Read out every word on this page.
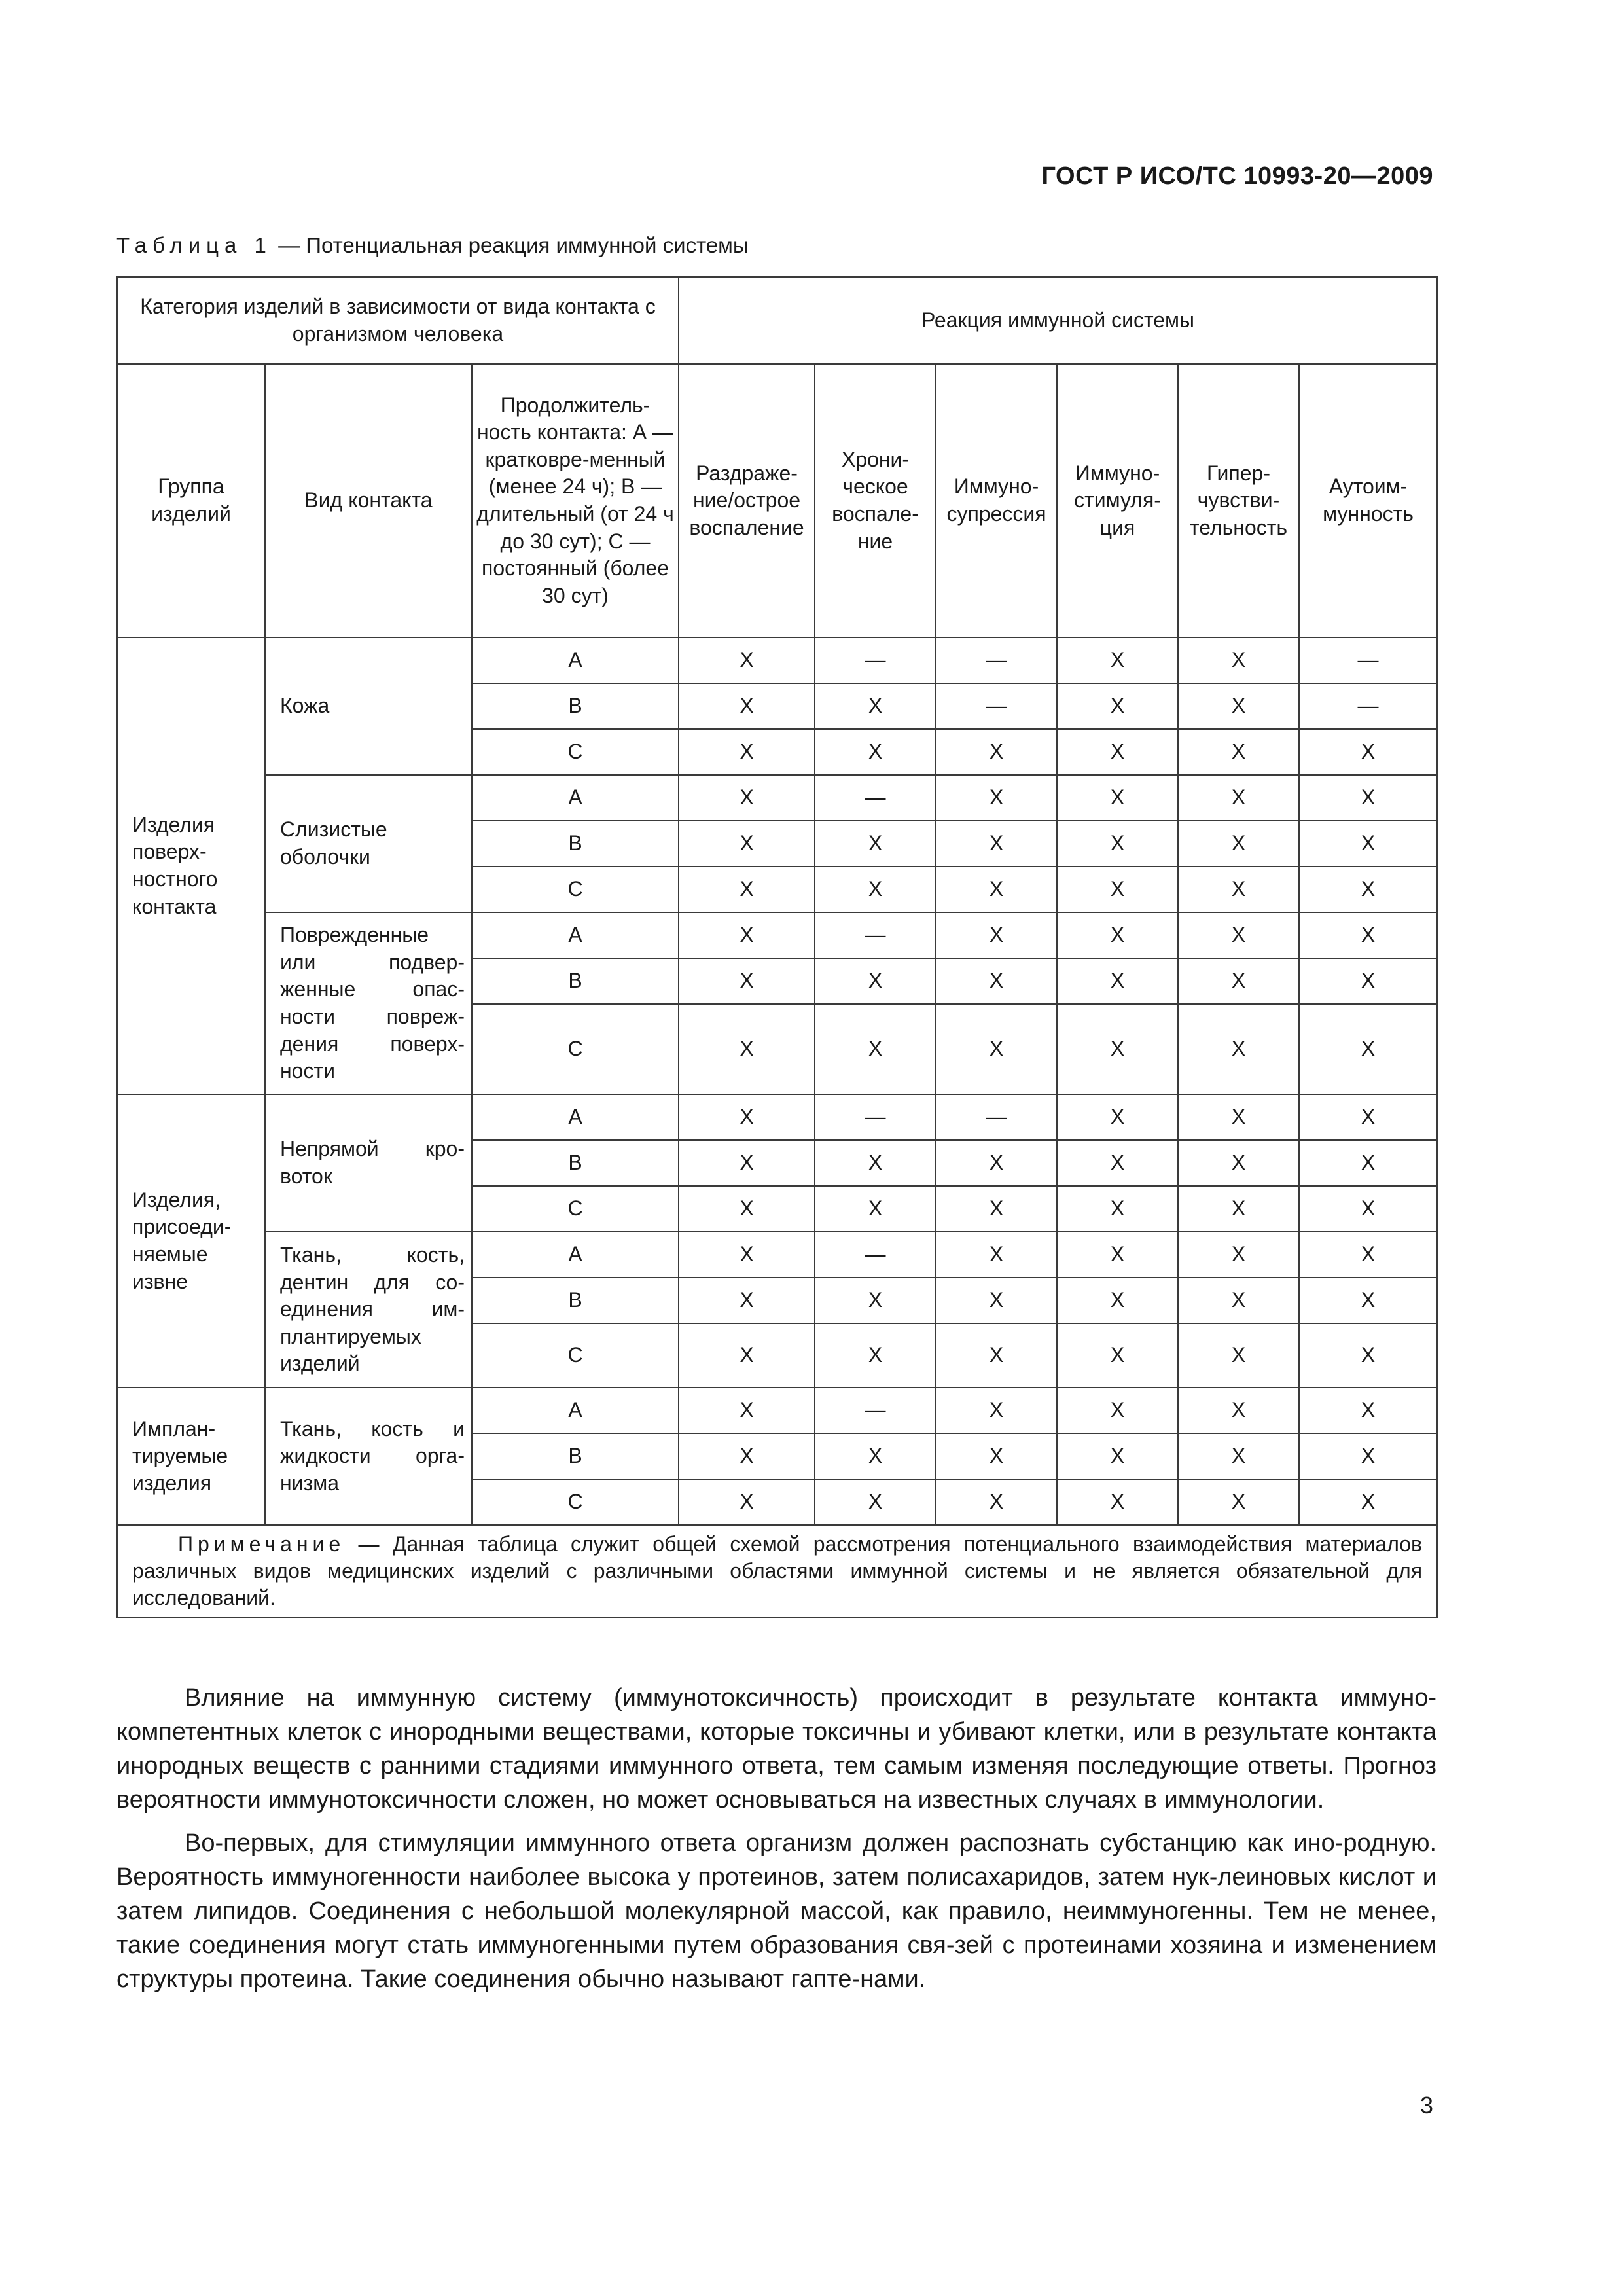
ГОСТ Р ИСО/ТС 10993-20—2009
Таблица 1 — Потенциальная реакция иммунной системы
Категория изделий в зависимости от вида контакта с организмом человека			Реакция иммунной системы					
Группа изделий	Вид контакта	Продолжитель-ность контакта: А — кратковре-менный (менее 24 ч); В — длительный (от 24 ч до 30 сут); С — постоянный (более 30 сут)	Раздраже-ние/острое воспаление	Хрони-ческое воспале-ние	Иммуно-супрессия	Иммуно-стимуля-ция	Гипер-чувстви-тельность	Аутоим-мунность
Изделия поверх-ностного контакта	Кожа	А	X	—	—	X	X	—
		В	X	X	—	X	X	—
		С	X	X	X	X	X	X
	Слизистые оболочки	А	X	—	X	X	X	X
		В	X	X	X	X	X	X
		С	X	X	X	X	X	X
	Поврежденные или подвер-женные опас-ности повреж-дения поверх-ности	А	X	—	X	X	X	X
		В	X	X	X	X	X	X
		С	X	X	X	X	X	X
Изделия, присоеди-няемые извне	Непрямой кро-воток	А	X	—	—	X	X	X
		В	X	X	X	X	X	X
		С	X	X	X	X	X	X
	Ткань, кость, дентин для со-единения им-плантируемых изделий	А	X	—	X	X	X	X
		В	X	X	X	X	X	X
		С	X	X	X	X	X	X
Имплан-тируемые изделия	Ткань, кость и жидкости орга-низма	А	X	—	X	X	X	X
		В	X	X	X	X	X	X
		С	X	X	X	X	X	X
Примечание — Данная таблица служит общей схемой рассмотрения потенциального взаимодействия материалов различных видов медицинских изделий с различными областями иммунной системы и не является обязательной для исследований.								

Влияние на иммунную систему (иммунотоксичность) происходит в результате контакта иммуно-компетентных клеток с инородными веществами, которые токсичны и убивают клетки, или в результате контакта инородных веществ с ранними стадиями иммунного ответа, тем самым изменяя последующие ответы. Прогноз вероятности иммунотоксичности сложен, но может основываться на известных случаях в иммунологии.

Во-первых, для стимуляции иммунного ответа организм должен распознать субстанцию как ино-родную. Вероятность иммуногенности наиболее высока у протеинов, затем полисахаридов, затем нук-леиновых кислот и затем липидов. Соединения с небольшой молекулярной массой, как правило, неиммуногенны. Тем не менее, такие соединения могут стать иммуногенными путем образования свя-зей с протеинами хозяина и изменением структуры протеина. Такие соединения обычно называют гапте-нами.

3
